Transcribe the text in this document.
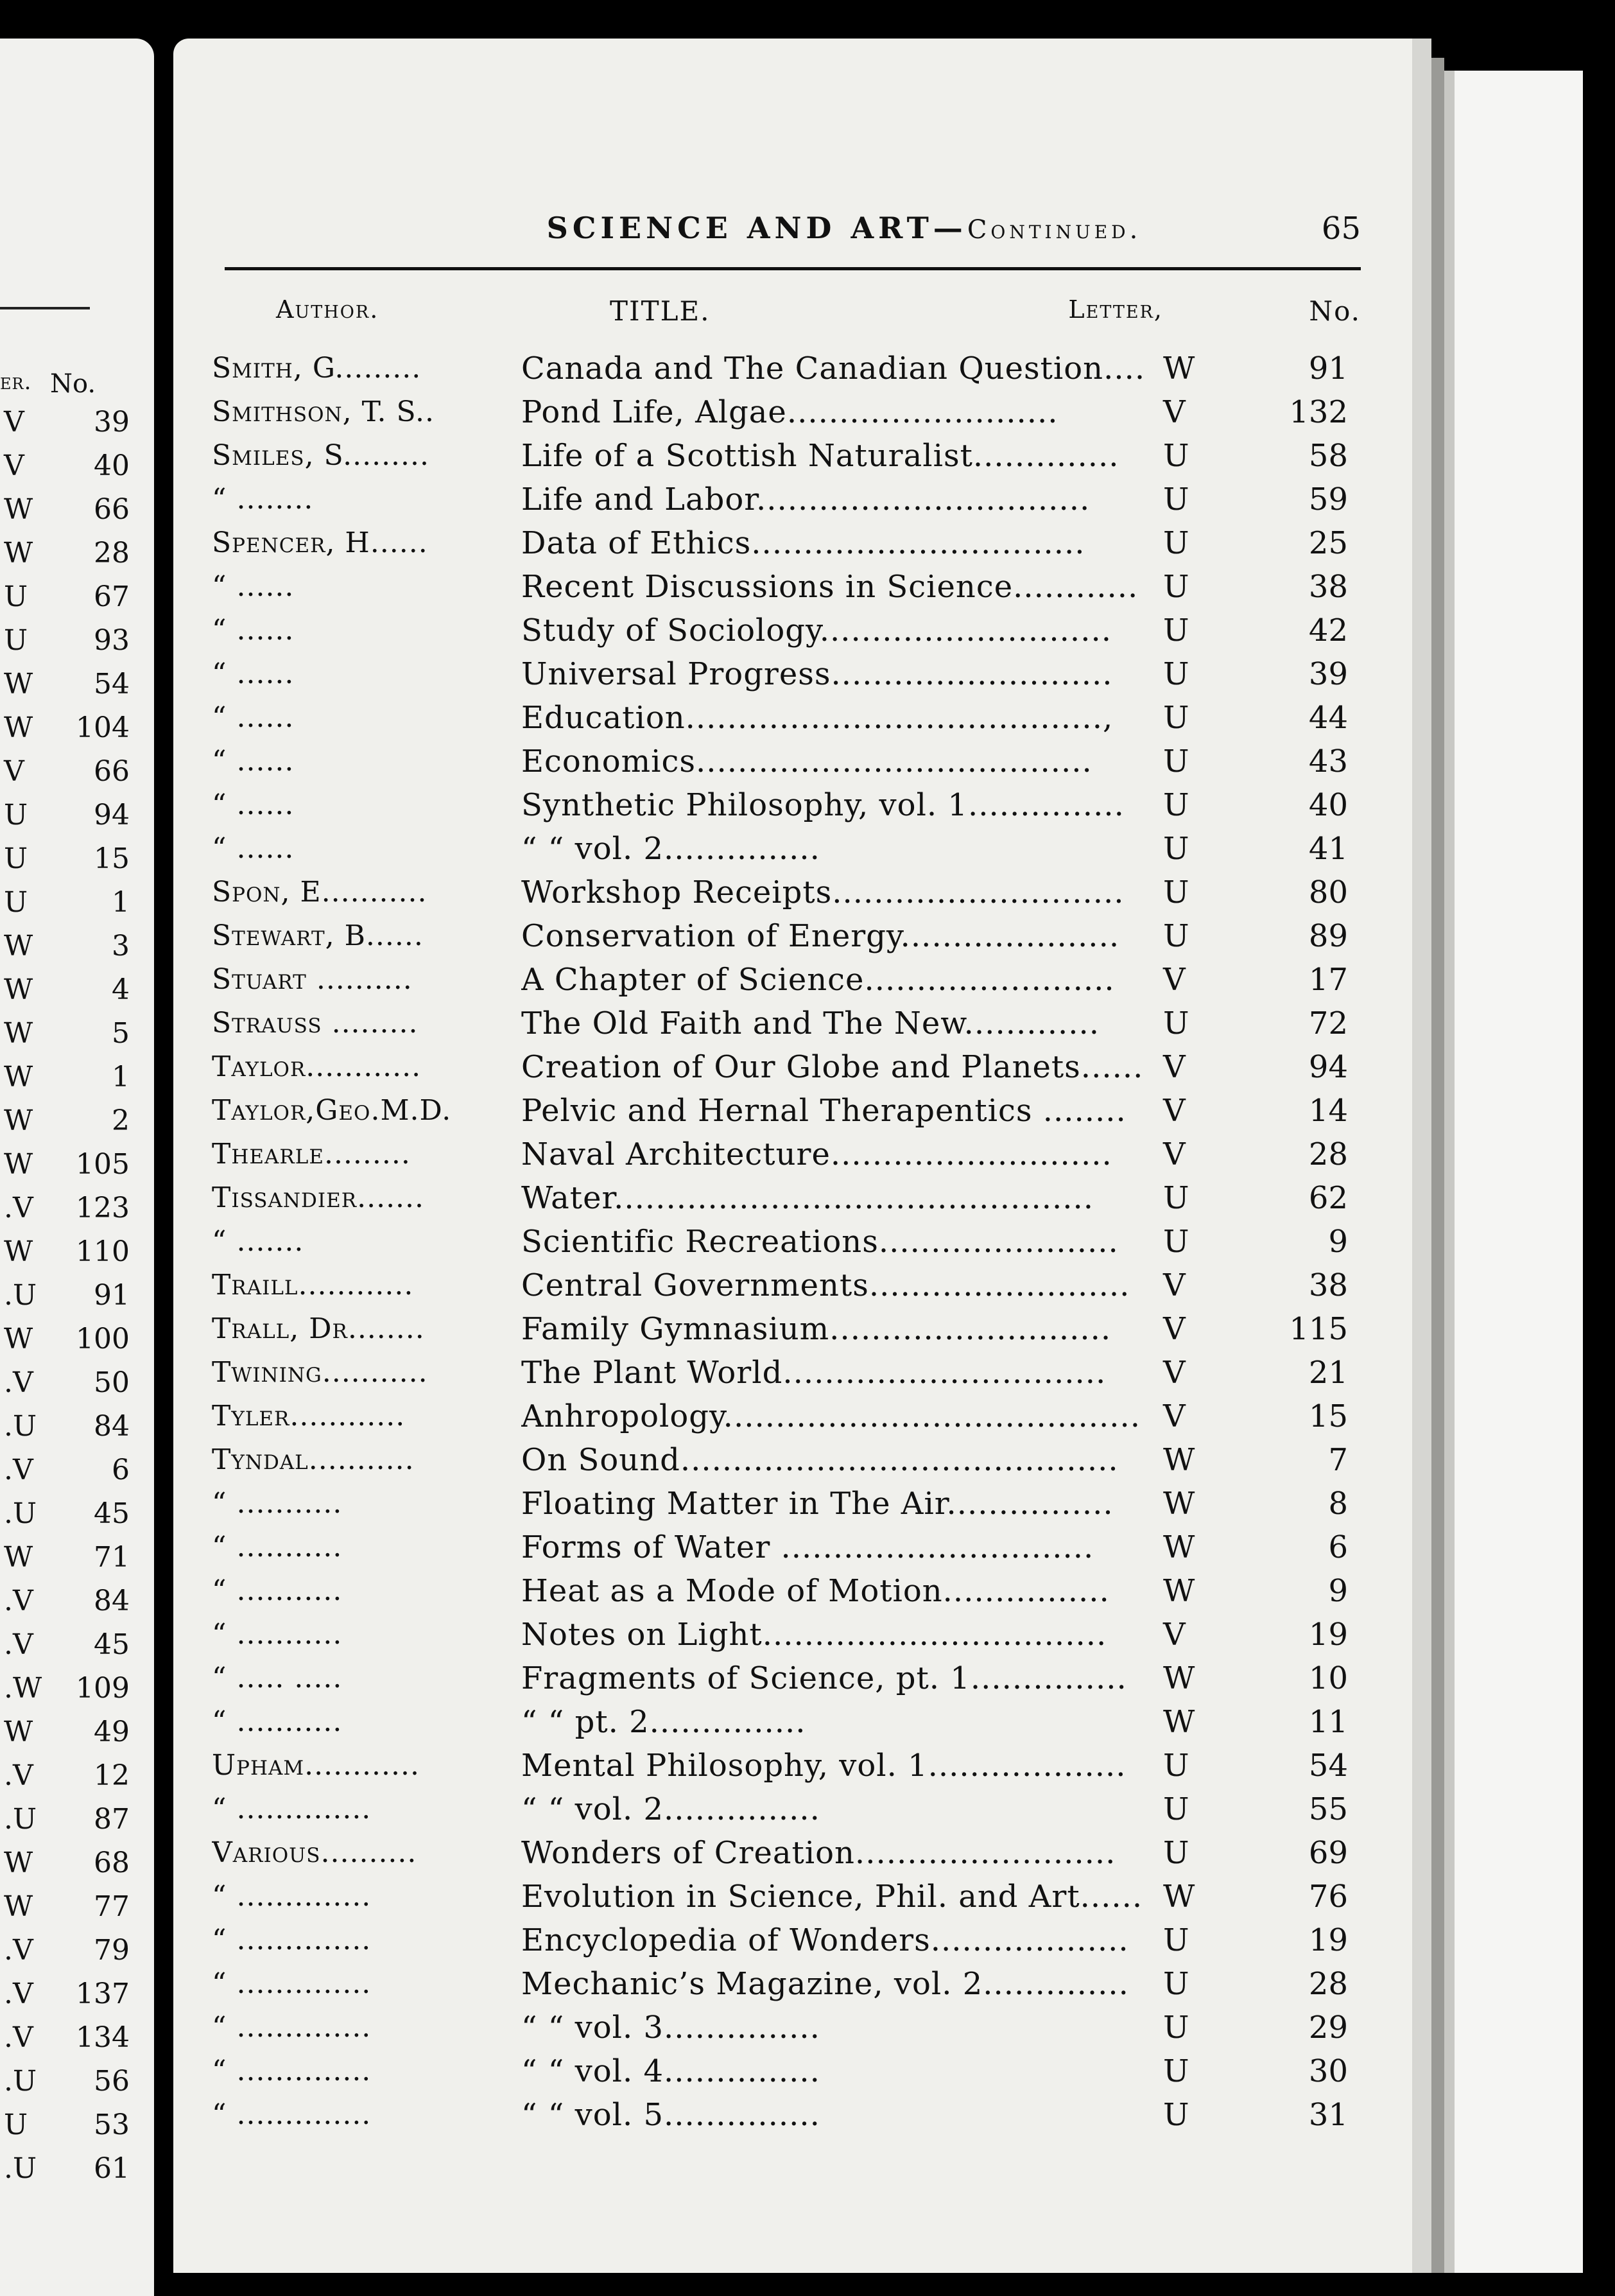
er. No.
V	39
V	40
W	66
W	28
U	67
U	93
W	54
W	104
V	66
U	94
U	15
U	1
W	3
W	4
W	5
W	1
W	2
W	105
.V	123
W	110
.U	91
W	100
.V	50
.U	84
.V	6
.U	45
W	71
.V	84
.V	45
.W	109
W	49
.V	12
.U	87
W	68
W	77
.V	79
.V	137
.V	134
.U	56
U	53
.U	61
SCIENCE AND ART—Continued.	65
Author.	TITLE.	Letter,	No.
Smith, G.........	Canada and The Canadian Question.... W	91
Smithson, T. S..	Pond Life, Algae..........................	V	132
Smiles, S.........	Life of a Scottish Naturalist..............	U	58
“ ........	Life and Labor................................	U	59
Spencer, H......	Data of Ethics................................	U	25
“ ......	Recent Discussions in Science............ U	38
“ ......	Study of Sociology............................	U	42
“ ......	Universal Progress...........................	U	39
“ ......	Education........................................,	U	44
“ ......	Economics......................................	U	43
“ ......	Synthetic Philosophy, vol. 1...............	U	40
“ ......	“ “ vol. 2...............	U	41
Spon, E...........	Workshop Receipts............................	U	80
Stewart, B......	Conservation of Energy.....................	U	89
Stuart ..........	A Chapter of Science........................	V	17
Strauss .........	The Old Faith and The New.............	U	72
Taylor............	Creation of Our Globe and Planets...... V	94
Taylor,Geo.M.D.	Pelvic and Hernal Therapentics ........	V	14
Thearle.........	Naval Architecture...........................	V	28
Tissandier.......	Water..............................................	U	62
“ .......	Scientific Recreations.......................	U	9
Traill............	Central Governments.........................	V	38
Trall, Dr........	Family Gymnasium...........................	V	115
Twining...........	The Plant World...............................	V	21
Tyler............	Anhropology........................................ V	15
Tyndal...........	On Sound..........................................	W	7
“ ...........	Floating Matter in The Air................	W	8
“ ...........	Forms of Water ..............................	W	6
“ ...........	Heat as a Mode of Motion................	W	9
“ ...........	Notes on Light.................................	V	19
“ ..... .....	Fragments of Science, pt. 1...............	W	10
“ ...........	“ “ pt. 2...............	W	11
Upham............	Mental Philosophy, vol. 1...................	U	54
“ ..............	“ “ vol. 2...............	U	55
Various..........	Wonders of Creation.........................	U	69
“ ..............	Evolution in Science, Phil. and Art...... W	76
“ ..............	Encyclopedia of Wonders...................	U	19
“ ..............	Mechanic’s Magazine, vol. 2..............	U	28
“ ..............	“ “ vol. 3...............	U	29
“ ..............	“ “ vol. 4...............	U	30
“ ..............	“ “ vol. 5...............	U	31
